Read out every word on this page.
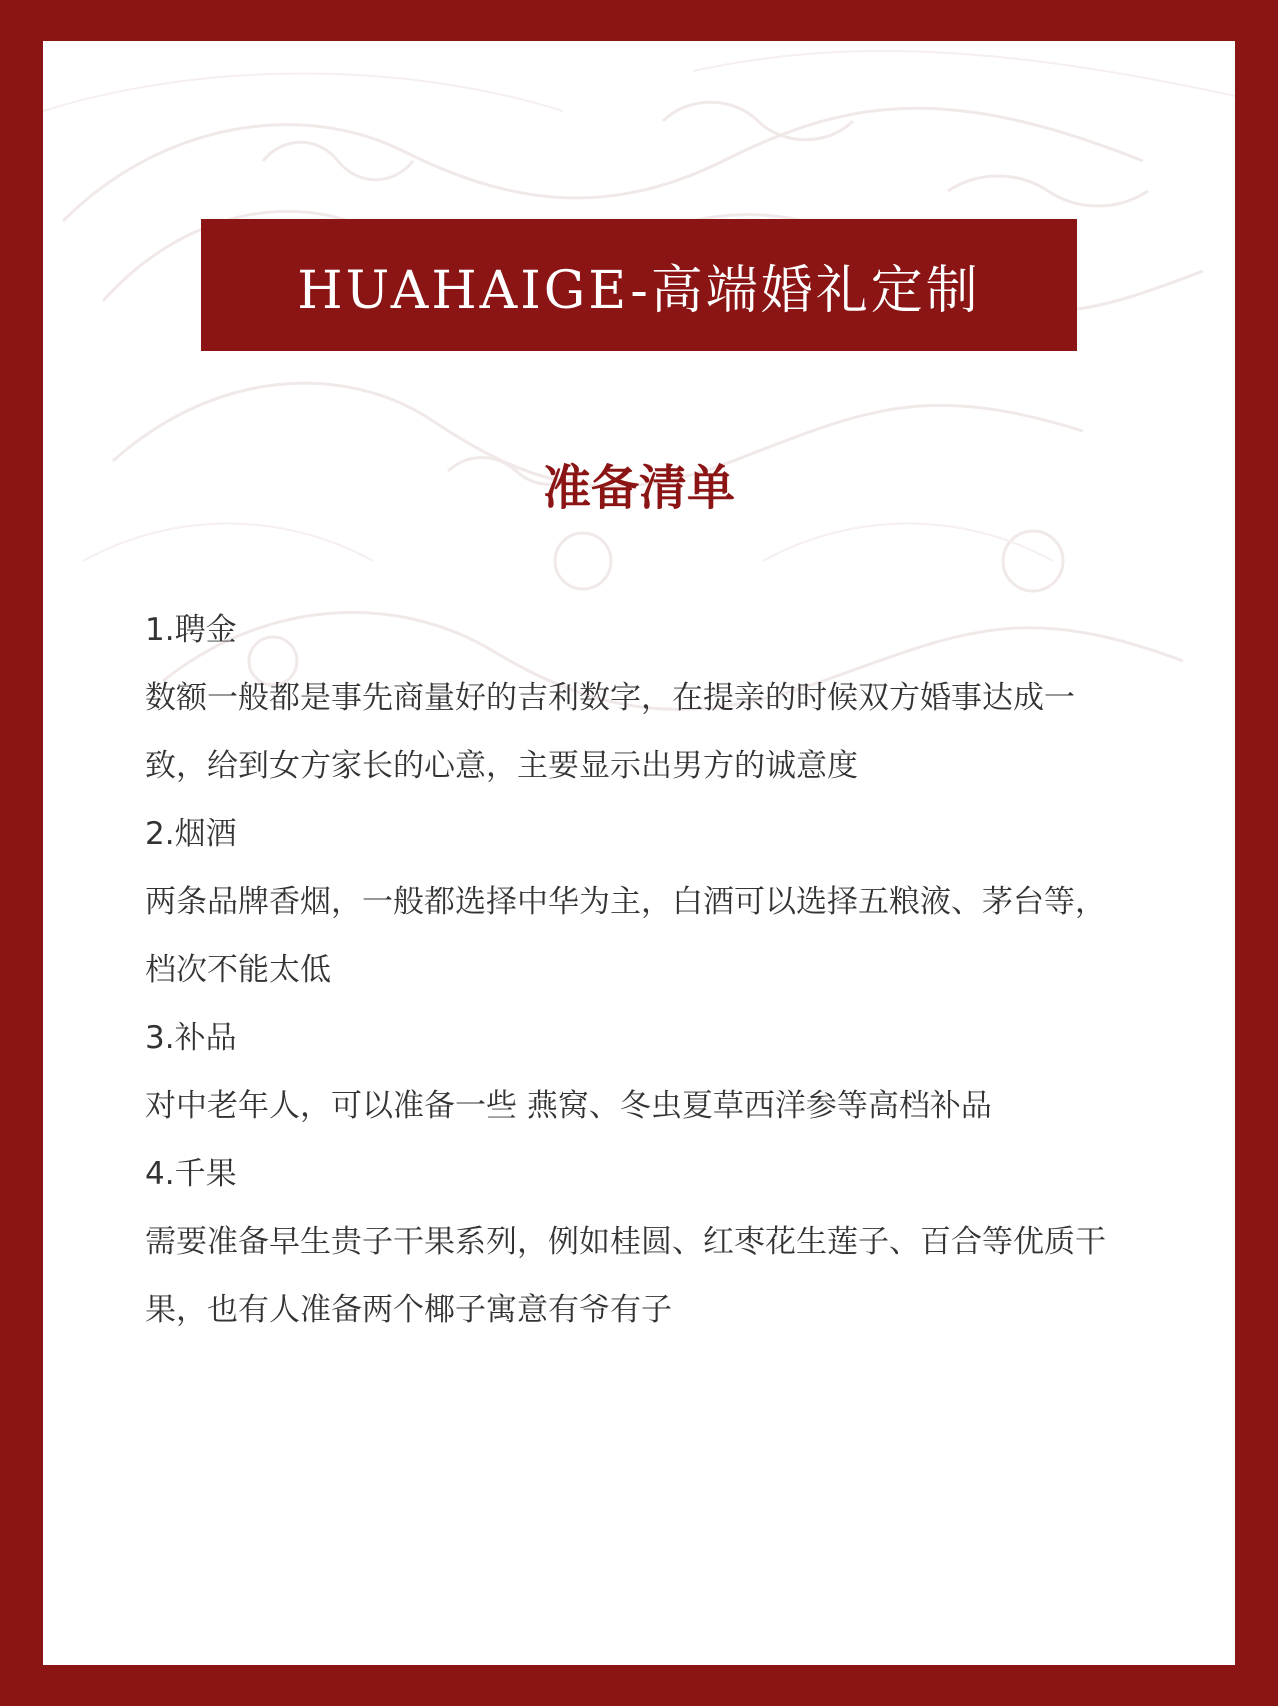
HUAHAIGE-高端婚礼定制
准备清单

1.聘金

数额一般都是事先商量好的吉利数字，在提亲的时候双方婚事达成一致，给到女方家长的心意，主要显示出男方的诚意度

2.烟酒

两条品牌香烟，一般都选择中华为主，白酒可以选择五粮液、茅台等，档次不能太低

3.补品

对中老年人，可以准备一些 燕窝、冬虫夏草西洋参等高档补品

4.千果

需要准备早生贵子干果系列，例如桂圆、红枣花生莲子、百合等优质干果，也有人准备两个椰子寓意有爷有子
